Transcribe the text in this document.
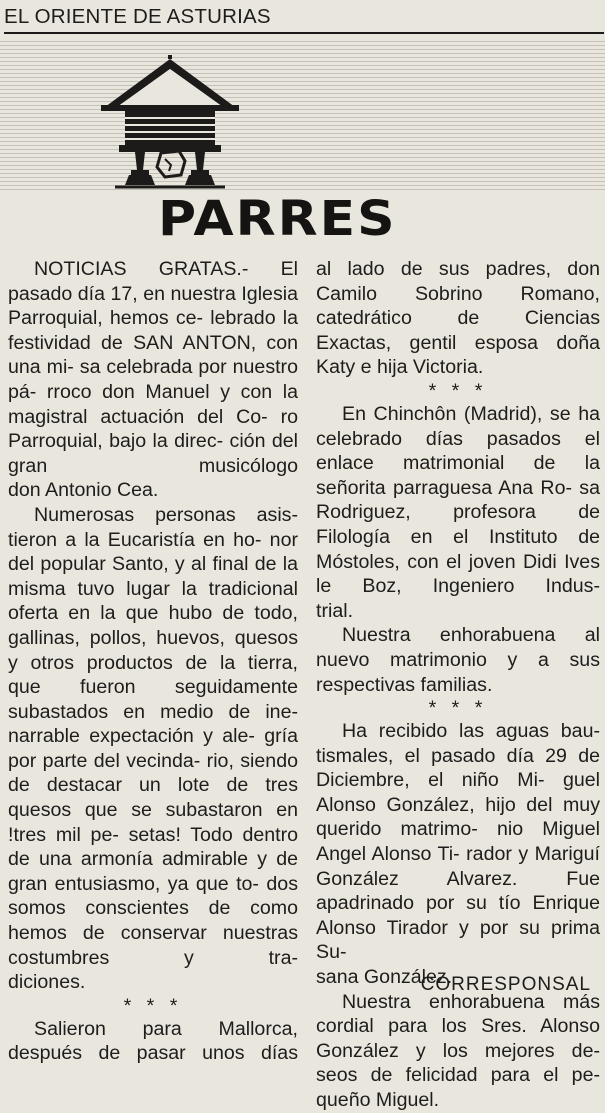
EL ORIENTE DE ASTURIAS
PARRES

NOTICIAS GRATAS.- El pasado día 17, en nuestra Iglesia Parroquial, hemos ce- lebrado la festividad de SAN ANTON, con una mi- sa celebrada por nuestro pá- rroco don Manuel y con la magistral actuación del Co- ro Parroquial, bajo la direc- ción del gran musicólogo

don Antonio Cea.

Numerosas personas asis- tieron a la Eucaristía en ho- nor del popular Santo, y al final de la misma tuvo lugar la tradicional oferta en la que hubo de todo, gallinas, pollos, huevos, quesos y otros productos de la tierra, que fueron seguidamente subastados en medio de ine- narrable expectación y ale- gría por parte del vecinda- rio, siendo de destacar un lote de tres quesos que se subastaron en !tres mil pe- setas! Todo dentro de una armonía admirable y de gran entusiasmo, ya que to- dos somos conscientes de como hemos de conservar nuestras costumbres y tra-

diciones.

* * *

Salieron para Mallorca, después de pasar unos días

al lado de sus padres, don Camilo Sobrino Romano, catedrático de Ciencias Exactas, gentil esposa doña

Katy e hija Victoria.

* * *

En Chinchôn (Madrid), se ha celebrado días pasados el enlace matrimonial de la señorita parraguesa Ana Ro- sa Rodriguez, profesora de Filología en el Instituto de Móstoles, con el joven Didi Ives le Boz, Ingeniero Indus-

trial.

Nuestra enhorabuena al nuevo matrimonio y a sus

respectivas familias.

* * *

Ha recibido las aguas bau- tismales, el pasado día 29 de Diciembre, el niño Mi- guel Alonso González, hijo del muy querido matrimo- nio Miguel Angel Alonso Ti- rador y Mariguí González Alvarez. Fue apadrinado por su tío Enrique Alonso Tirador y por su prima Su-

sana González.

Nuestra enhorabuena más cordial para los Sres. Alonso González y los mejores de- seos de felicidad para el pe-

queño Miguel.

CORRESPONSAL
